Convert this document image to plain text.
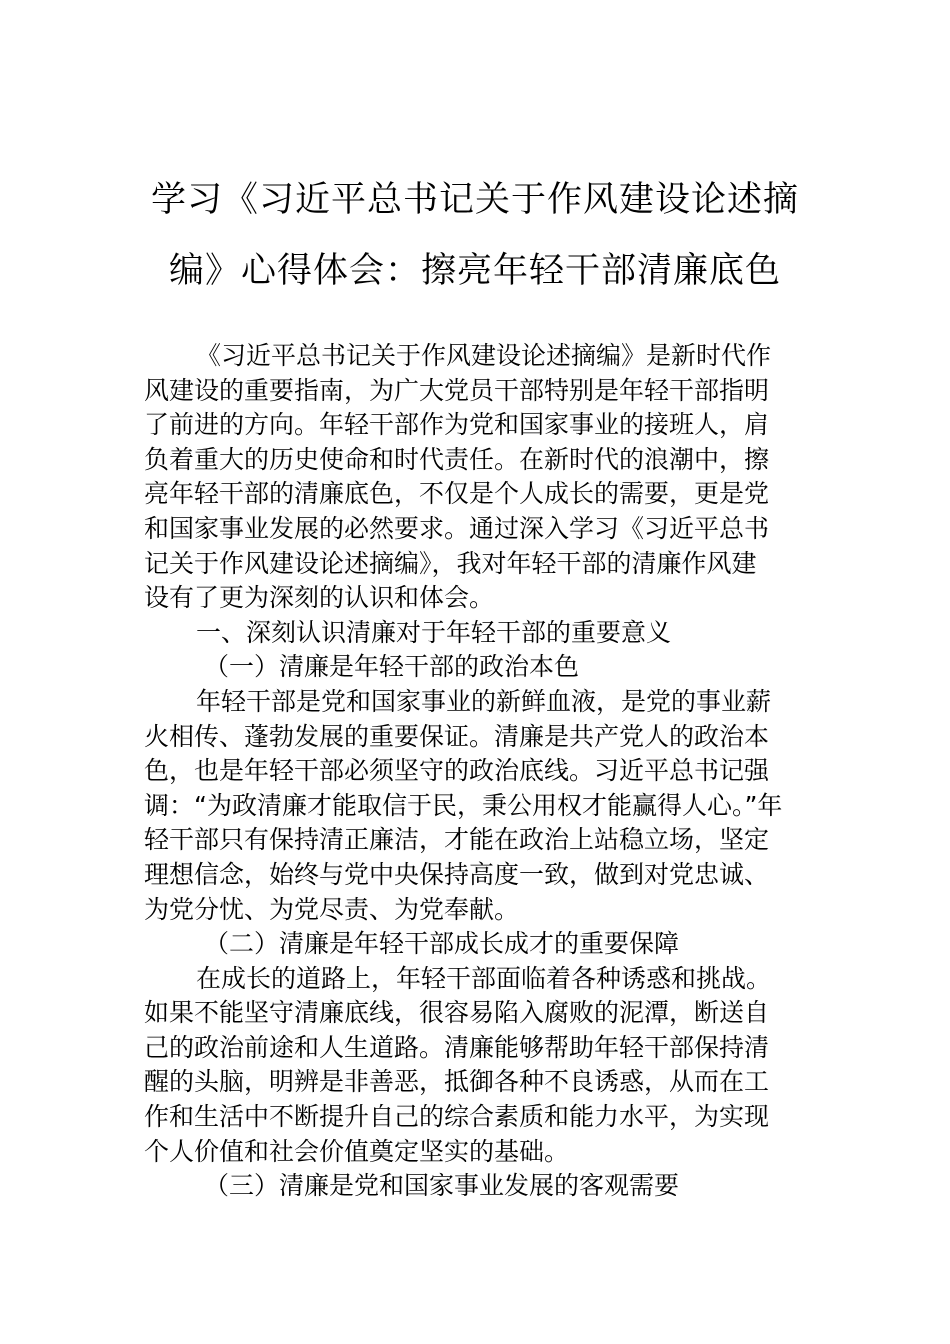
学习《习近平总书记关于作风建设论述摘
编》心得体会：擦亮年轻干部清廉底色
《习近平总书记关于作风建设论述摘编》是新时代作
风建设的重要指南，为广大党员干部特别是年轻干部指明
了前进的方向。年轻干部作为党和国家事业的接班人，肩
负着重大的历史使命和时代责任。在新时代的浪潮中，擦
亮年轻干部的清廉底色，不仅是个人成长的需要，更是党
和国家事业发展的必然要求。通过深入学习《习近平总书
记关于作风建设论述摘编》，我对年轻干部的清廉作风建
设有了更为深刻的认识和体会。
一、深刻认识清廉对于年轻干部的重要意义
（一）清廉是年轻干部的政治本色
年轻干部是党和国家事业的新鲜血液，是党的事业薪
火相传、蓬勃发展的重要保证。清廉是共产党人的政治本
色，也是年轻干部必须坚守的政治底线。习近平总书记强
调：“为政清廉才能取信于民，秉公用权才能赢得人心。”年
轻干部只有保持清正廉洁，才能在政治上站稳立场，坚定
理想信念，始终与党中央保持高度一致，做到对党忠诚、
为党分忧、为党尽责、为党奉献。
（二）清廉是年轻干部成长成才的重要保障
在成长的道路上，年轻干部面临着各种诱惑和挑战。
如果不能坚守清廉底线，很容易陷入腐败的泥潭，断送自
己的政治前途和人生道路。清廉能够帮助年轻干部保持清
醒的头脑，明辨是非善恶，抵御各种不良诱惑，从而在工
作和生活中不断提升自己的综合素质和能力水平，为实现
个人价值和社会价值奠定坚实的基础。
（三）清廉是党和国家事业发展的客观需要
